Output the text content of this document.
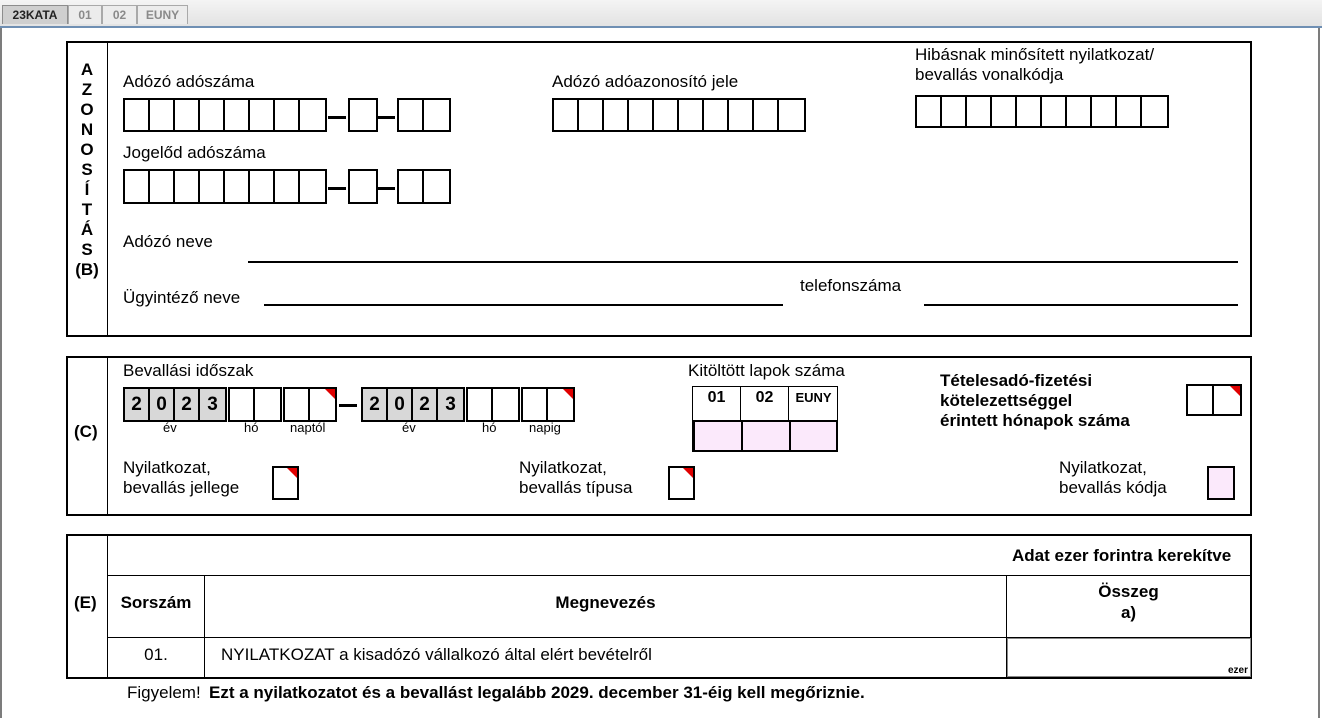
23KATA	01	02	EUNY
A
Z
O
N
O
S
Í
T
Á
S
(B)
Adózó adószáma	Adózó adóazonosító jele
Hibásnak minősített nyilatkozat/
bevallás vonalkódja
Jogelőd adószáma
Adózó neve
Ügyintéző neve
telefonszáma
(C)
Bevallási időszak
2 0 2 3	2 0 2 3
év	hó naptól	év	hó	napig
Kitöltött lapok száma
01	02	EUNY
Tételesadó-fizetési
kötelezettséggel
érintett hónapok száma
Nyilatkozat,
bevallás jellege
Nyilatkozat,
bevallás típusa
Nyilatkozat,
bevallás kódja
(E)
Adat ezer forintra kerekítve
Sorszám	Megnevezés
Összeg
a)
01.	NYILATKOZAT a kisadózó vállalkozó által elért bevételről
ezer
Figyelem! Ezt a nyilatkozatot és a bevallást legalább 2029. december 31-éig kell megőriznie.
